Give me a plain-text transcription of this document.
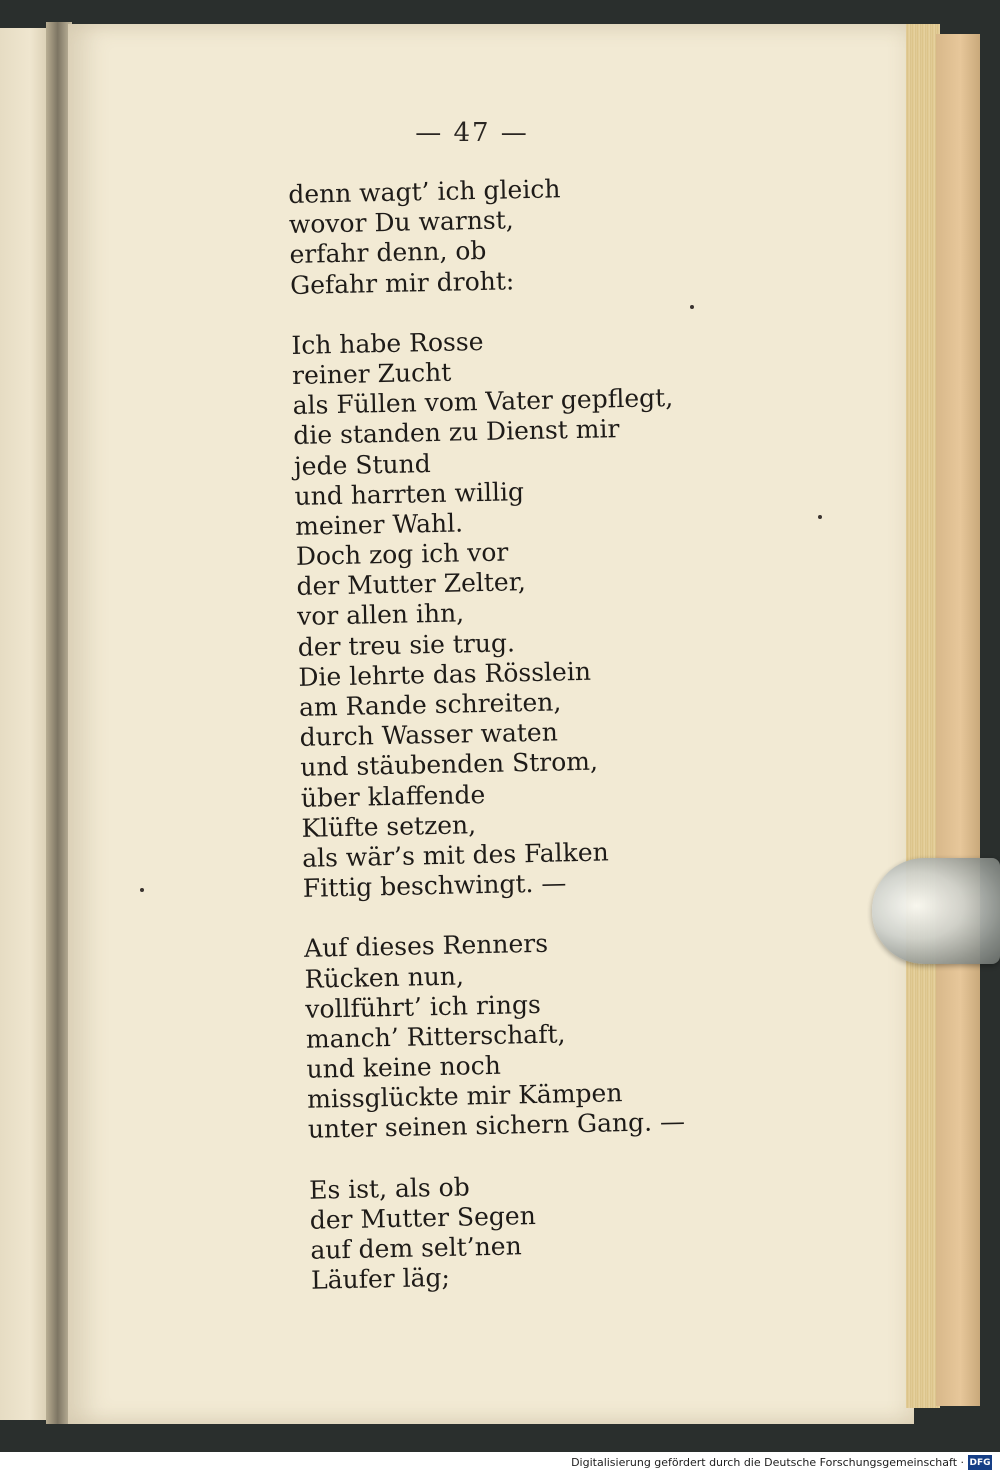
— 47 —
denn wagt’ ich gleich
wovor Du warnst,
erfahr denn, ob
Gefahr mir droht:
Ich habe Rosse
reiner Zucht
als Füllen vom Vater gepflegt,
die standen zu Dienst mir
jede Stund
und harrten willig
meiner Wahl.
Doch zog ich vor
der Mutter Zelter,
vor allen ihn,
der treu sie trug.
Die lehrte das Rösslein
am Rande schreiten,
durch Wasser waten
und stäubenden Strom,
über klaffende
Klüfte setzen,
als wär’s mit des Falken
Fittig beschwingt. —
Auf dieses Renners
Rücken nun,
vollführt’ ich rings
manch’ Ritterschaft,
und keine noch
missglückte mir Kämpen
unter seinen sichern Gang. —
Es ist, als ob
der Mutter Segen
auf dem selt’nen
Läufer läg;
Digitalisierung gefördert durch die Deutsche Forschungsgemeinschaft · DFG
